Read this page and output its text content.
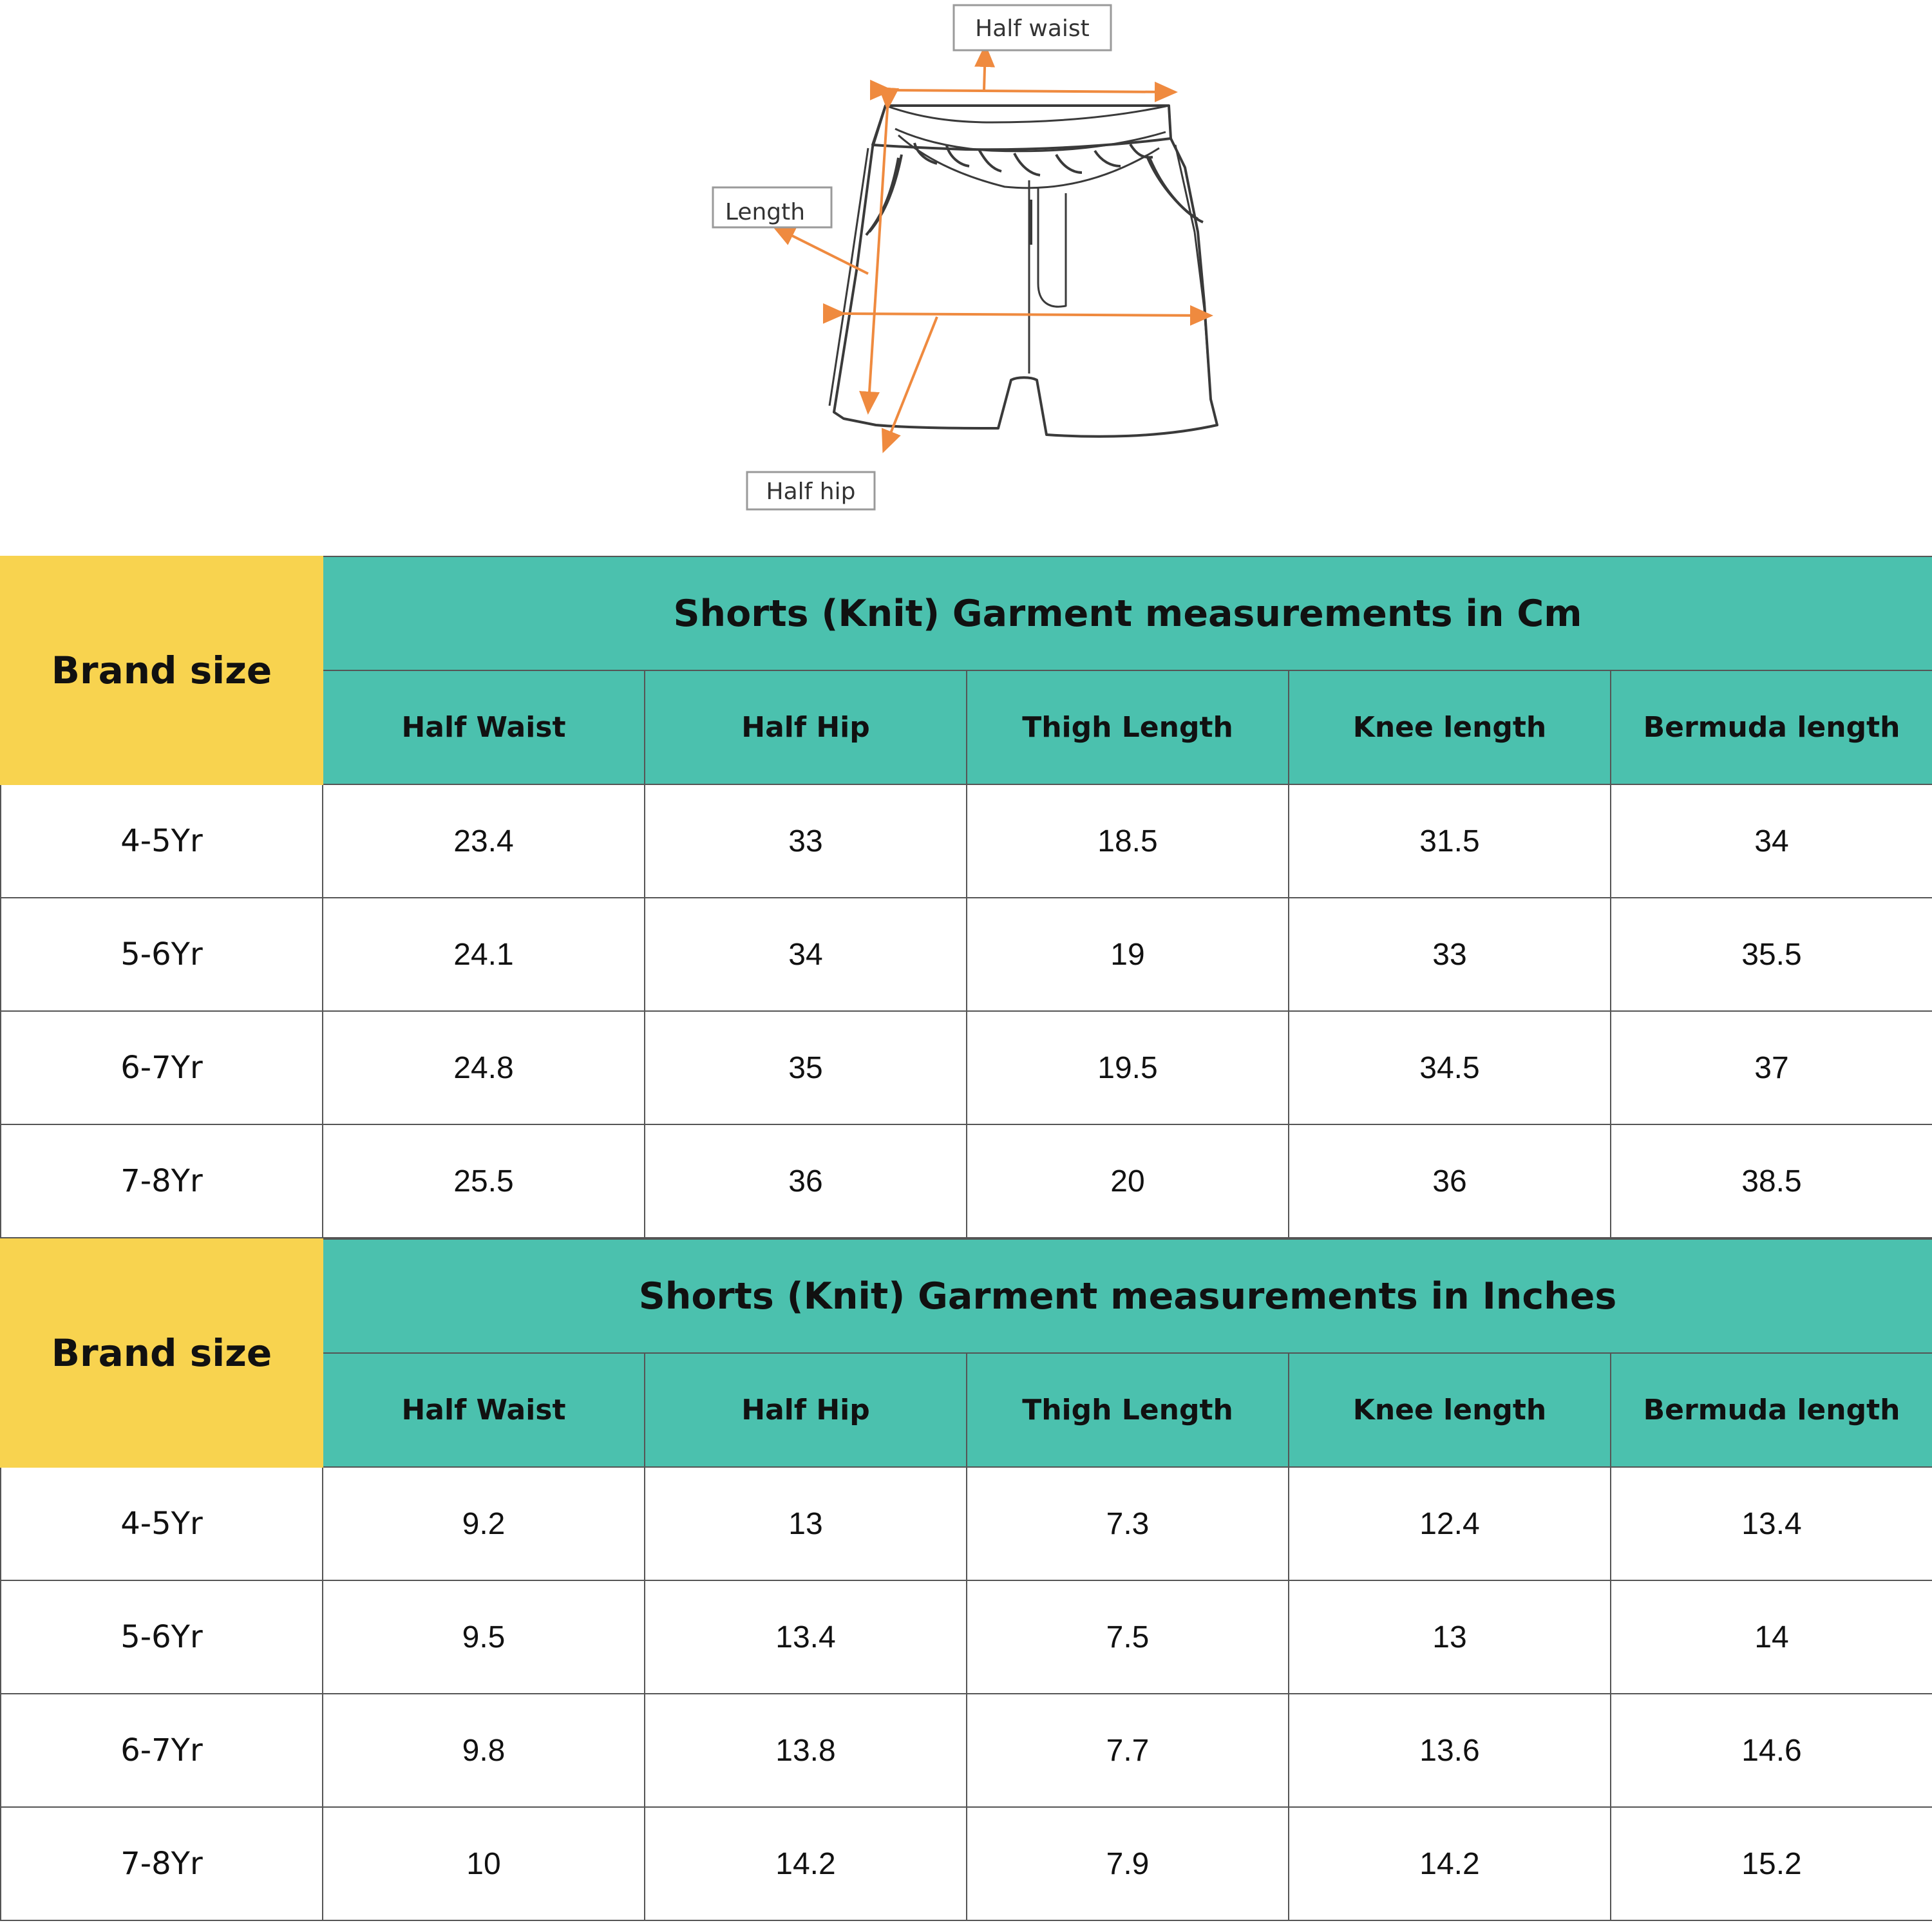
Half waist
Length
Half hip
Brand size	Shorts (Knit) Garment measurements in Cm				
	Half Waist	Half Hip	Thigh Length	Knee length	Bermuda length
4-5Yr	23.4	33	18.5	31.5	34
5-6Yr	24.1	34	19	33	35.5
6-7Yr	24.8	35	19.5	34.5	37
7-8Yr	25.5	36	20	36	38.5
Brand size	Shorts (Knit) Garment measurements in Inches				
	Half Waist	Half Hip	Thigh Length	Knee length	Bermuda length
4-5Yr	9.2	13	7.3	12.4	13.4
5-6Yr	9.5	13.4	7.5	13	14
6-7Yr	9.8	13.8	7.7	13.6	14.6
7-8Yr	10	14.2	7.9	14.2	15.2
